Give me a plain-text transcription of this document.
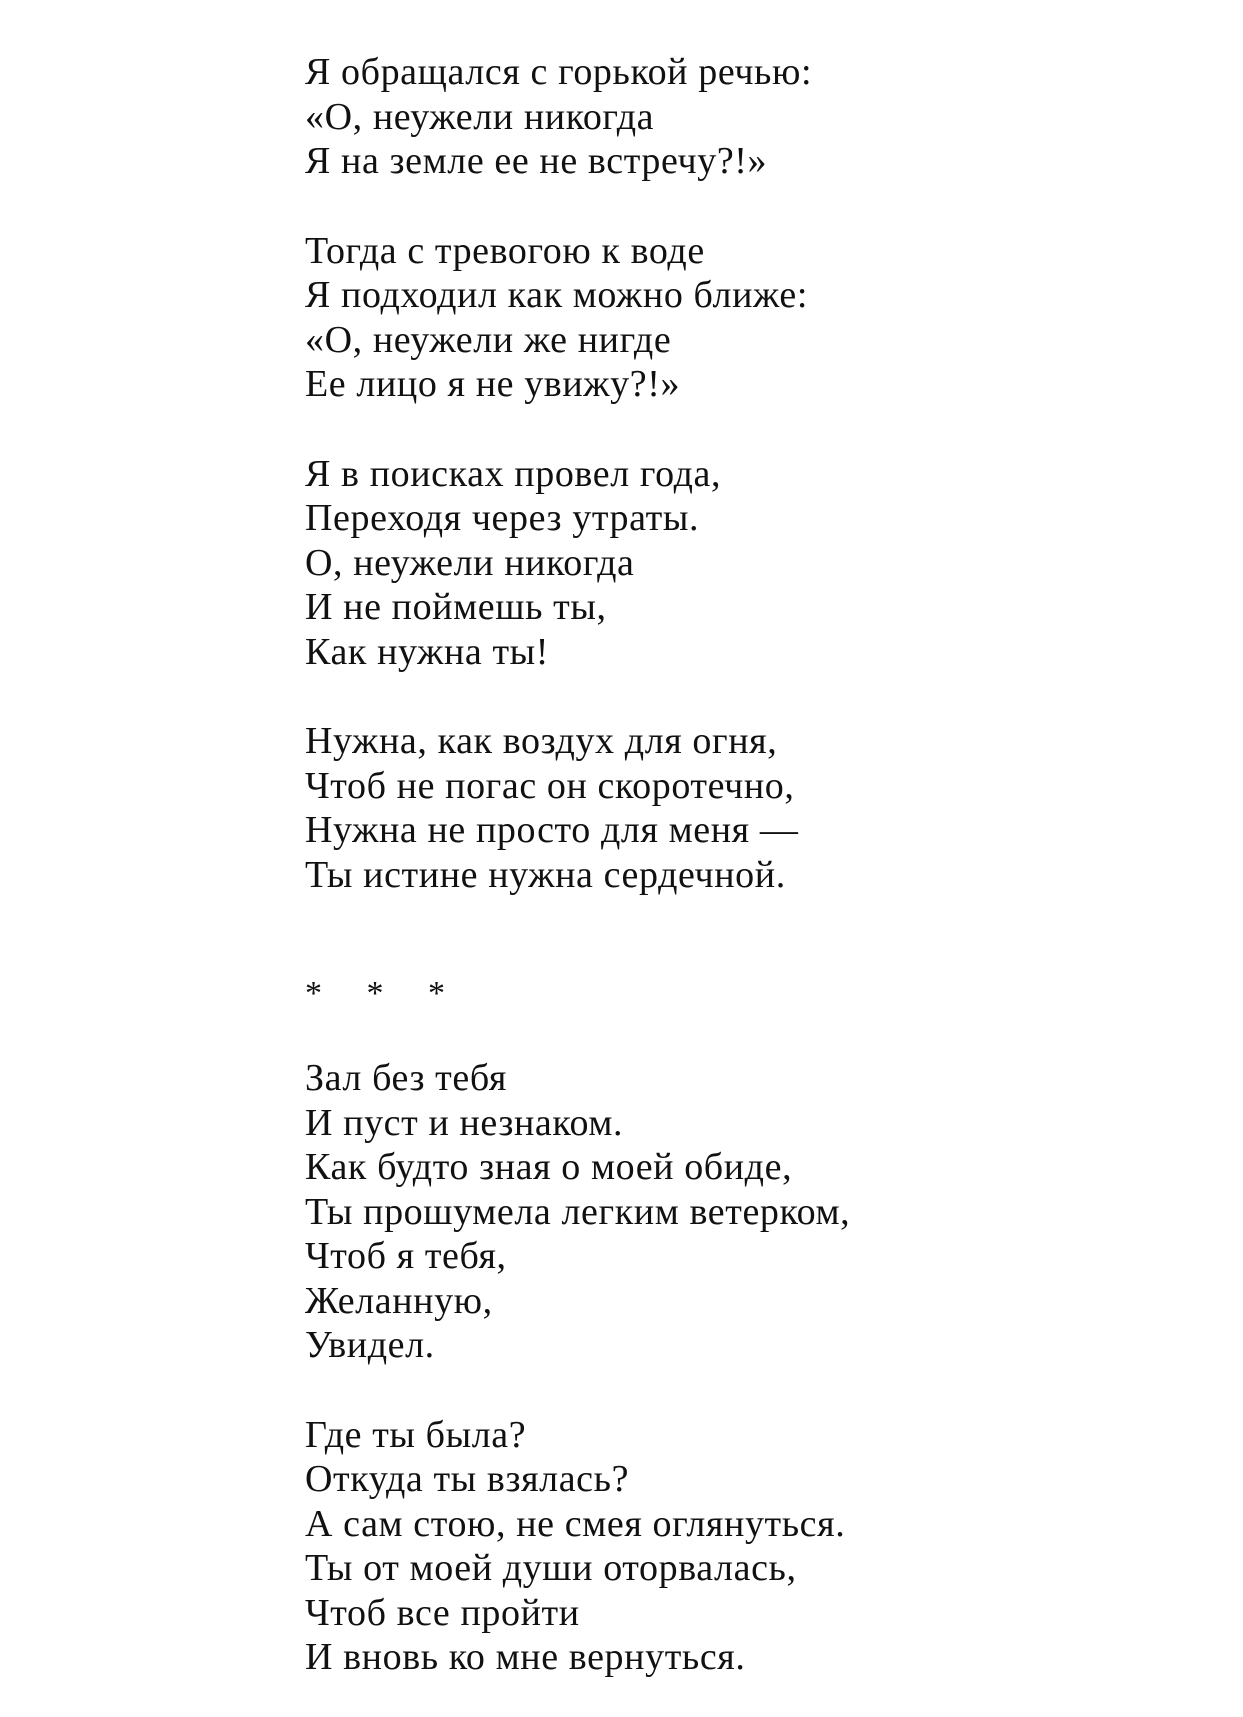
Я обращался с горькой речью:
«О, неужели никогда
Я на земле ее не встречу?!»
Тогда с тревогою к воде
Я подходил как можно ближе:
«О, неужели же нигде
Ее лицо я не увижу?!»
Я в поисках провел года,
Переходя через утраты.
О, неужели никогда
И не поймешь ты,
Как нужна ты!
Нужна, как воздух для огня,
Чтоб не погас он скоротечно,
Нужна не просто для меня —
Ты истине нужна сердечной.
* * *
Зал без тебя
И пуст и незнаком.
Как будто зная о моей обиде,
Ты прошумела легким ветерком,
Чтоб я тебя,
Желанную,
Увидел.
Где ты была?
Откуда ты взялась?
А сам стою, не смея оглянуться.
Ты от моей души оторвалась,
Чтоб все пройти
И вновь ко мне вернуться.
